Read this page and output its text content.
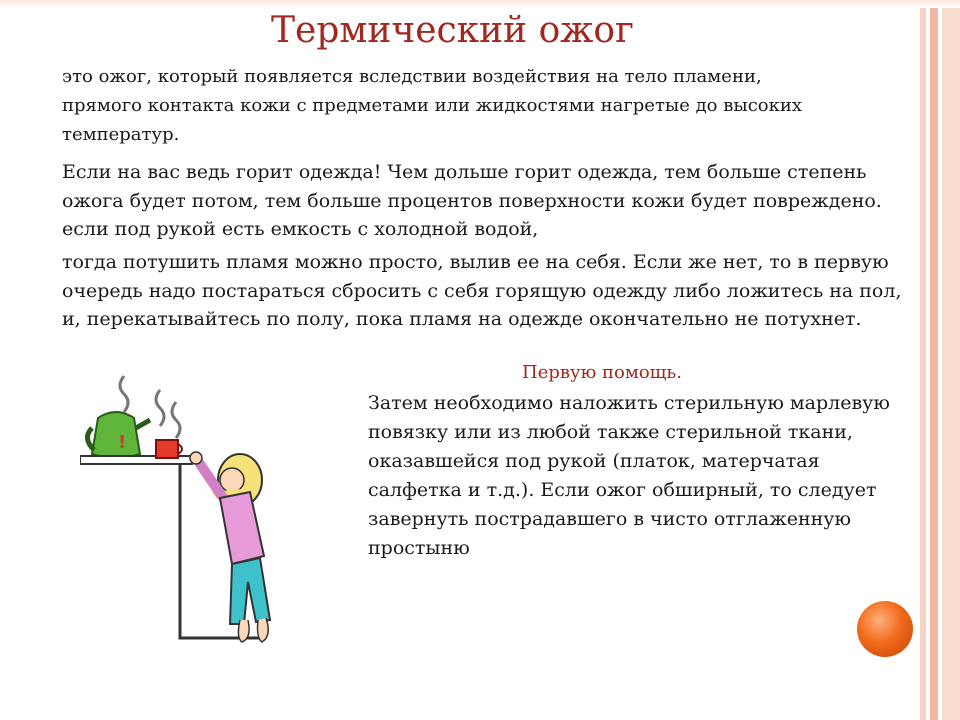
Термический ожог

это ожог, который появляется вследствии воздействия на тело пламени, прямого контакта кожи с предметами или жидкостями нагретые до высоких температур.

Если на вас ведь горит одежда! Чем дольше горит одежда, тем больше степень ожога будет потом, тем больше процентов поверхности кожи будет повреждено. если под рукой есть емкость с холодной водой,

тогда потушить пламя можно просто, вылив ее на себя. Если же нет, то в первую очередь надо постараться сбросить с себя горящую одежду либо ложитесь на пол, и, перекатывайтесь по полу, пока пламя на одежде окончательно не потухнет.

Первую помощь.

Затем необходимо наложить стерильную марлевую повязку или из любой также стерильной ткани, оказавшейся под рукой (платок, матерчатая салфетка и т.д.). Если ожог обширный, то следует завернуть пострадавшего в чисто отглаженную простыню

!
